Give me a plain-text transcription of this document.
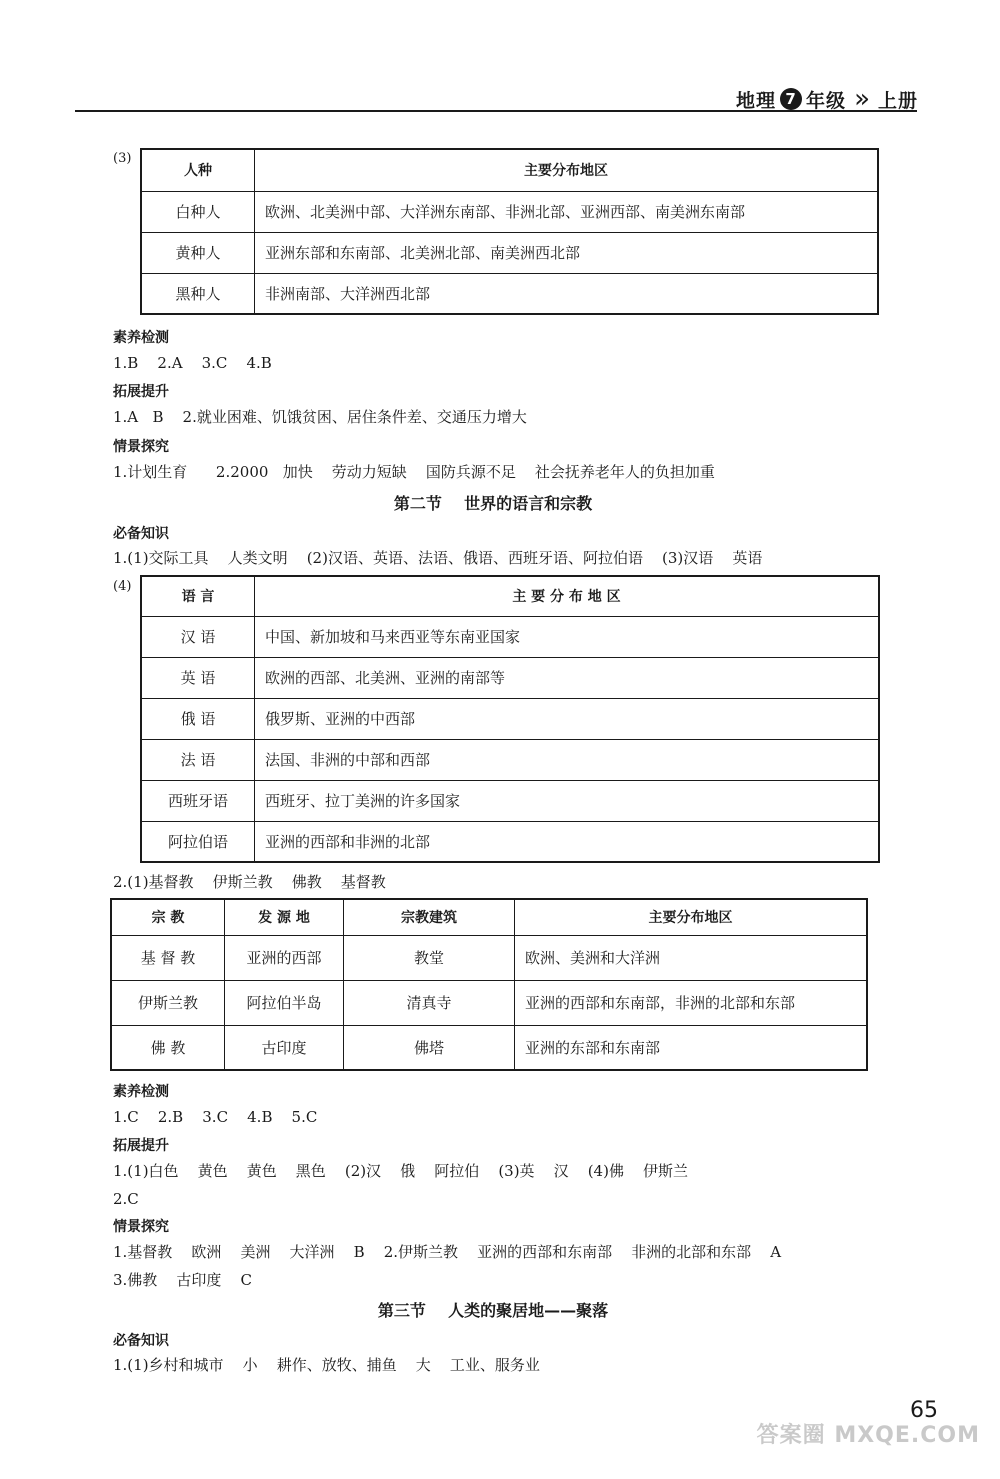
地理 7 年级 » 上册
(3)
人种	主要分布地区
白种人	欧洲、北美洲中部、大洋洲东南部、非洲北部、亚洲西部、南美洲东南部
黄种人	亚洲东部和东南部、北美洲北部、南美洲西北部
黑种人	非洲南部、大洋洲西北部
素养检测
1.B    2.A    3.C    4.B
拓展提升
1.A   B    2.就业困难、饥饿贫困、居住条件差、交通压力增大
情景探究
1.计划生育      2.2000   加快    劳动力短缺    国防兵源不足    社会抚养老年人的负担加重
第二节    世界的语言和宗教
必备知识
1.(1)交际工具    人类文明    (2)汉语、英语、法语、俄语、西班牙语、阿拉伯语    (3)汉语    英语
(4)
语 言	主 要 分 布 地 区
汉 语	中国、新加坡和马来西亚等东南亚国家
英 语	欧洲的西部、北美洲、亚洲的南部等
俄 语	俄罗斯、亚洲的中西部
法 语	法国、非洲的中部和西部
西班牙语	西班牙、拉丁美洲的许多国家
阿拉伯语	亚洲的西部和非洲的北部
2.(1)基督教    伊斯兰教    佛教    基督教
宗 教	发 源 地	宗教建筑	主要分布地区
基 督 教	亚洲的西部	教堂	欧洲、美洲和大洋洲
伊斯兰教	阿拉伯半岛	清真寺	亚洲的西部和东南部，非洲的北部和东部
佛 教	古印度	佛塔	亚洲的东部和东南部
素养检测
1.C    2.B    3.C    4.B    5.C
拓展提升
1.(1)白色    黄色    黄色    黑色    (2)汉    俄    阿拉伯    (3)英    汉    (4)佛    伊斯兰
2.C
情景探究
1.基督教    欧洲    美洲    大洋洲    B    2.伊斯兰教    亚洲的西部和东南部    非洲的北部和东部    A
3.佛教    古印度    C
第三节    人类的聚居地——聚落
必备知识
1.(1)乡村和城市    小    耕作、放牧、捕鱼    大    工业、服务业
65
答案圈 MXQE.COM
